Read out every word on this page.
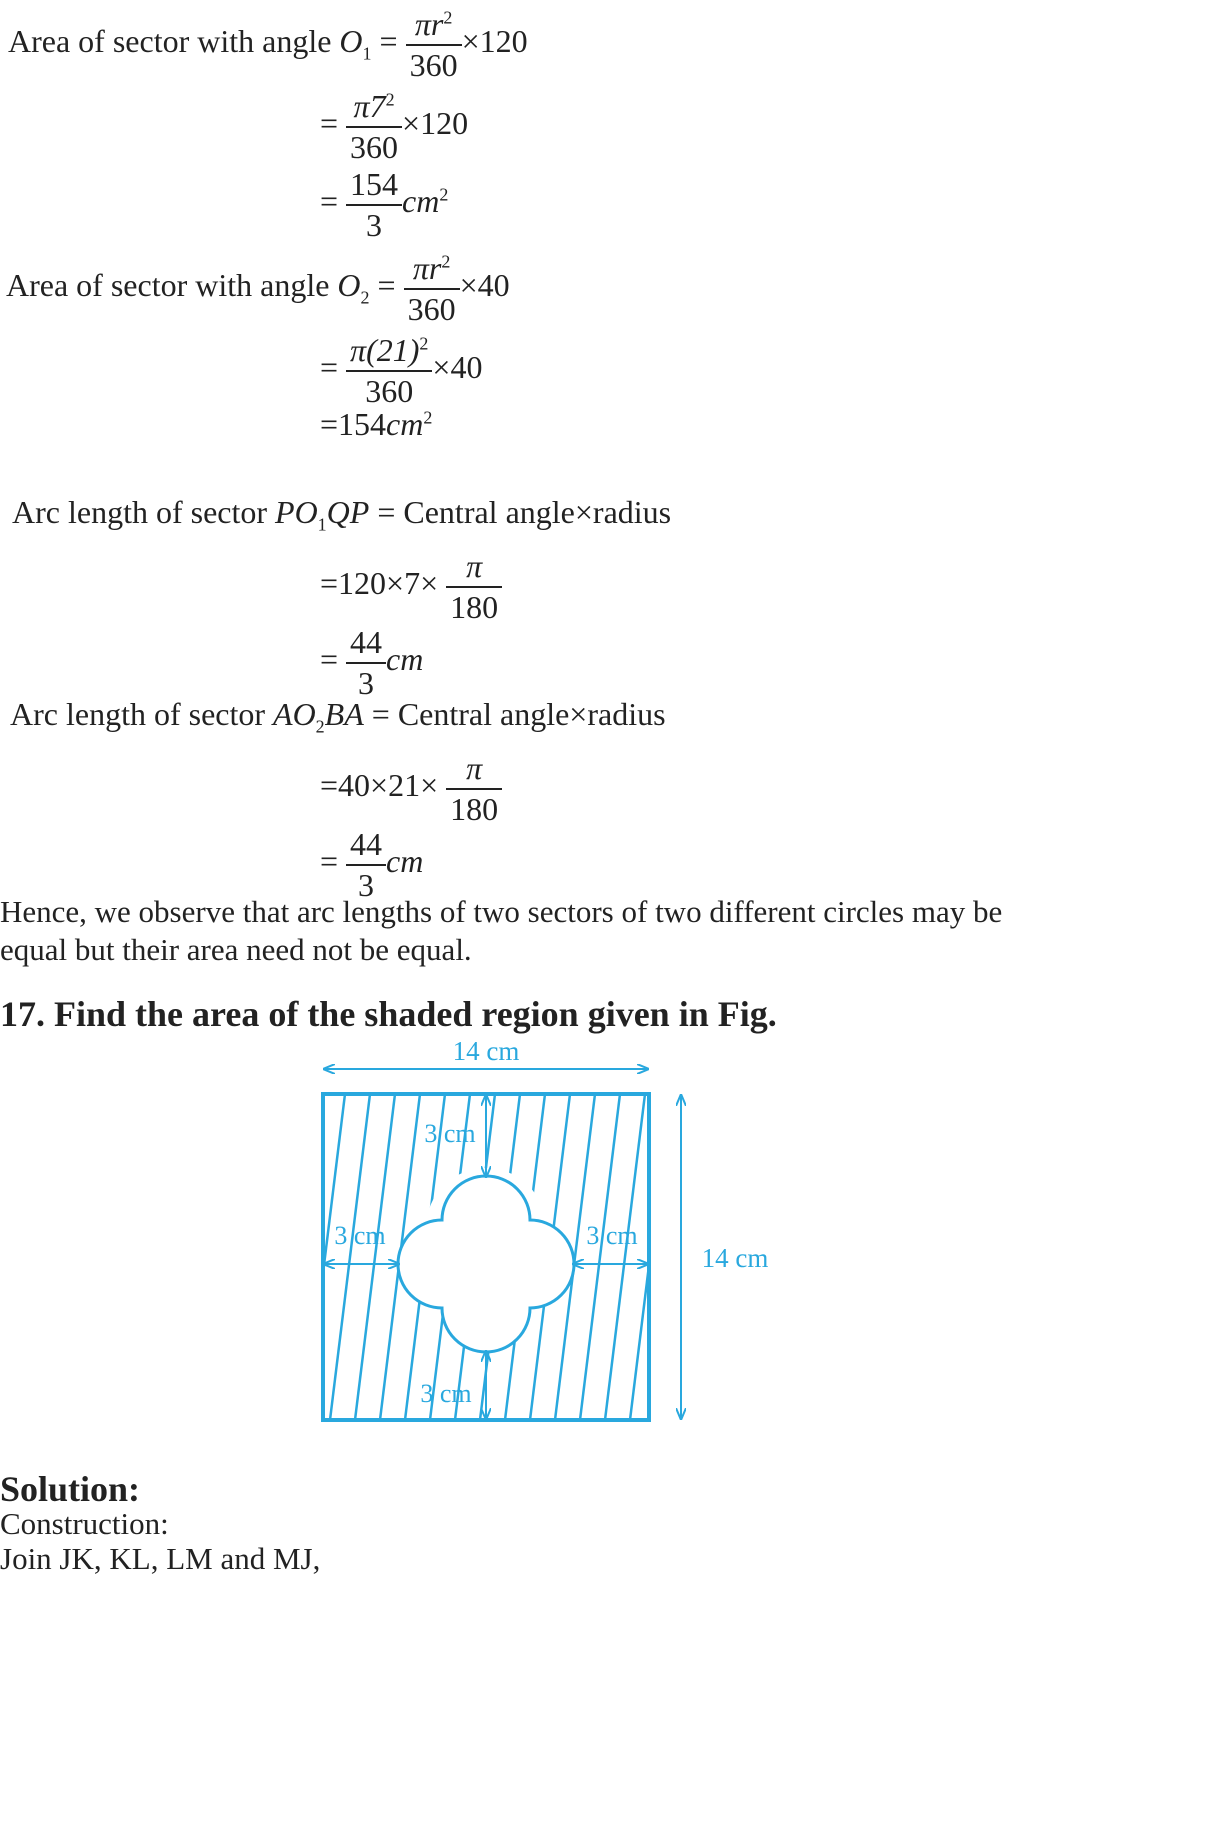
Area of sector with angle $O_1 = \frac{\pi r^2}{360} \times 120$
= $\frac{\pi 7^2}{360} \times 120$
= $\frac{154}{3} cm^2$
Area of sector with angle $O_2 = \frac{\pi r^2}{360} \times 40$
= $\frac{\pi(21)^2}{360} \times 40$
$=154cm^2$
Arc length of sector $PO_1QP$ = Central angle×radius
$=120\times 7\times \frac{\pi}{180}$
= $\frac{44}{3}$ cm
Arc length of sector $AO_2BA$ = Central angle×radius
$=40\times 21\times \frac{\pi}{180}$
= $\frac{44}{3}$ cm
Hence, we observe that arc lengths of two sectors of two different circles may be equal but their area need not be equal.
17. Find the area of the shaded region given in Fig.
14 cm
14 cm
3 cm
3 cm	3 cm
3 cm
Solution:
Construction:
Join JK, KL, LM and MJ,
